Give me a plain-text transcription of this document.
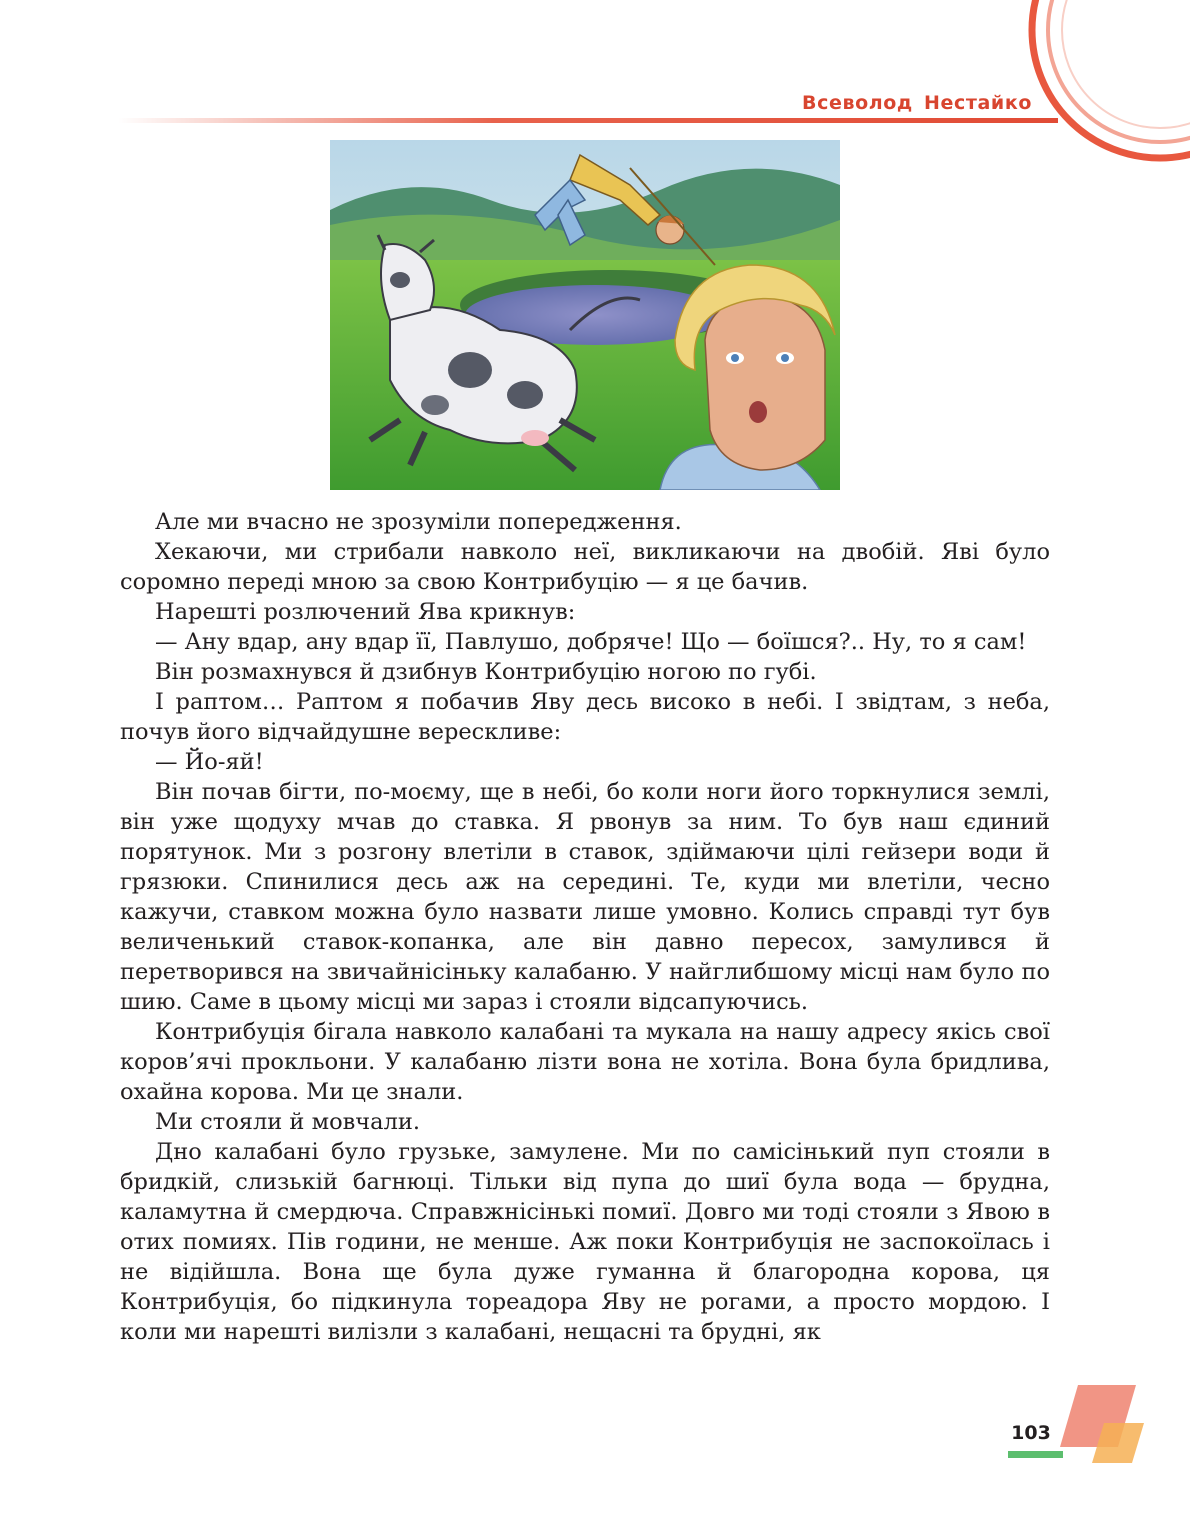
Всеволод Нестайко

Але ми вчасно не зрозуміли попередження.

Хекаючи, ми стрибали навколо неї, викликаючи на двобій. Яві було соромно переді мною за свою Контрибуцію — я це бачив.

Нарешті розлючений Ява крикнув:

— Ану вдар, ану вдар її, Павлушо, добряче! Що — боїшся?.. Ну, то я сам!

Він розмахнувся й дзибнув Контрибуцію ногою по губі.

І раптом… Раптом я побачив Яву десь високо в небі. І звідтам, з неба, почув його відчайдушне верескливе:

— Йо-яй!

Він почав бігти, по-моєму, ще в небі, бо коли ноги його торкнулися землі, він уже щодуху мчав до ставка. Я рвонув за ним. То був наш єдиний порятунок. Ми з розгону влетіли в ставок, здіймаючи цілі гейзери води й грязюки. Спинилися десь аж на середині. Те, куди ми влетіли, чесно кажучи, ставком можна було назвати лише умовно. Колись справді тут був величенький ставок-копанка, але він давно пересох, замулився й перетворився на звичайнісіньку калабаню. У найглибшому місці нам було по шию. Саме в цьому місці ми зараз і стояли відсапуючись.

Контрибуція бігала навколо калабані та мукала на нашу адресу якісь свої коров’ячі прокльони. У калабаню лізти вона не хотіла. Вона була бридлива, охайна корова. Ми це знали.

Ми стояли й мовчали.

Дно калабані було грузьке, замулене. Ми по самісінький пуп стояли в бридкій, слизькій багнюці. Тільки від пупа до шиї була вода — брудна, каламутна й смердюча. Справжнісінькі помиї. Довго ми тоді стояли з Явою в отих помиях. Пів години, не менше. Аж поки Контрибуція не заспокоїлась і не відійшла. Вона ще була дуже гуманна й благородна корова, ця Контрибуція, бо підкинула тореадора Яву не рогами, а просто мордою. І коли ми нарешті вилізли з калабані, нещасні та брудні, як

103
